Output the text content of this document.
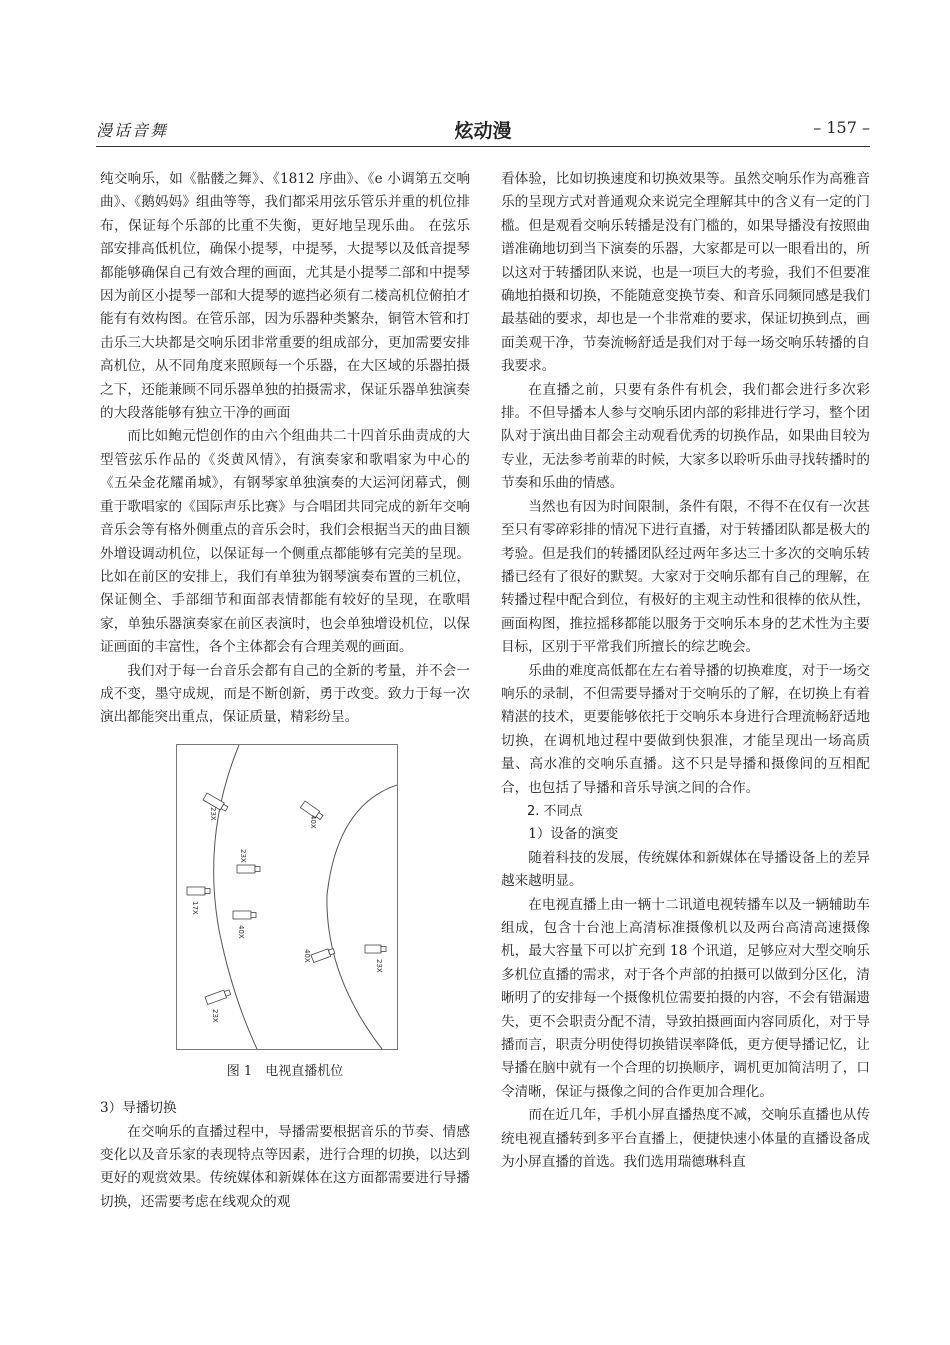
漫话音舞	炫动漫	– 157 –

纯交响乐，如《骷髅之舞》、《1812 序曲》、《e 小调第五交响曲》、《鹅妈妈》组曲等等，我们都采用弦乐管乐并重的机位排布，保证每个乐部的比重不失衡，更好地呈现乐曲。 在弦乐部安排高低机位，确保小提琴，中提琴，大提琴以及低音提琴都能够确保自己有效合理的画面，尤其是小提琴二部和中提琴因为前区小提琴一部和大提琴的遮挡必须有二楼高机位俯拍才能有有效构图。在管乐部，因为乐器种类繁杂，铜管木管和打击乐三大块都是交响乐团非常重要的组成部分，更加需要安排高机位，从不同角度来照顾每一个乐器，在大区域的乐器拍摄之下，还能兼顾不同乐器单独的拍摄需求，保证乐器单独演奏的大段落能够有独立干净的画面

而比如鲍元恺创作的由六个组曲共二十四首乐曲责成的大型管弦乐作品的《炎黄风情》，有演奏家和歌唱家为中心的《五朵金花耀甬城》，有钢琴家单独演奏的大运河闭幕式，侧重于歌唱家的《国际声乐比赛》与合唱团共同完成的新年交响音乐会等有格外侧重点的音乐会时，我们会根据当天的曲目额外增设调动机位，以保证每一个侧重点都能够有完美的呈现。比如在前区的安排上，我们有单独为钢琴演奏布置的三机位，保证侧全、手部细节和面部表情都能有较好的呈现，在歌唱家，单独乐器演奏家在前区表演时，也会单独增设机位，以保证画面的丰富性，各个主体都会有合理美观的画面。

我们对于每一台音乐会都有自己的全新的考量，并不会一成不变，墨守成规，而是不断创新，勇于改变。致力于每一次演出都能突出重点，保证质量，精彩纷呈。

23X
40X
23X
17X
40X
40X
23X
23X
图 1　电视直播机位

3）导播切换

在交响乐的直播过程中，导播需要根据音乐的节奏、情感变化以及音乐家的表现特点等因素，进行合理的切换，以达到更好的观赏效果。传统媒体和新媒体在这方面都需要进行导播切换，还需要考虑在线观众的观

看体验，比如切换速度和切换效果等。虽然交响乐作为高雅音乐的呈现方式对普通观众来说完全理解其中的含义有一定的门槛。但是观看交响乐转播是没有门槛的，如果导播没有按照曲谱准确地切到当下演奏的乐器，大家都是可以一眼看出的，所以这对于转播团队来说，也是一项巨大的考验，我们不但要准确地拍摄和切换，不能随意变换节奏、和音乐同频同感是我们最基础的要求，却也是一个非常难的要求，保证切换到点，画面美观干净，节奏流畅舒适是我们对于每一场交响乐转播的自我要求。

在直播之前，只要有条件有机会，我们都会进行多次彩排。不但导播本人参与交响乐团内部的彩排进行学习，整个团队对于演出曲目都会主动观看优秀的切换作品，如果曲目较为专业，无法参考前辈的时候，大家多以聆听乐曲寻找转播时的节奏和乐曲的情感。

当然也有因为时间限制，条件有限，不得不在仅有一次甚至只有零碎彩排的情况下进行直播，对于转播团队都是极大的考验。但是我们的转播团队经过两年多达三十多次的交响乐转播已经有了很好的默契。大家对于交响乐都有自己的理解，在转播过程中配合到位，有极好的主观主动性和很棒的依从性，画面构图，推拉摇移都能以服务于交响乐本身的艺术性为主要目标，区别于平常我们所擅长的综艺晚会。

乐曲的难度高低都在左右着导播的切换难度，对于一场交响乐的录制，不但需要导播对于交响乐的了解，在切换上有着精湛的技术，更要能够依托于交响乐本身进行合理流畅舒适地切换，在调机地过程中要做到快狠准，才能呈现出一场高质量、高水准的交响乐直播。这不只是导播和摄像间的互相配合，也包括了导播和音乐导演之间的合作。

2. 不同点

1）设备的演变

随着科技的发展，传统媒体和新媒体在导播设备上的差异越来越明显。

在电视直播上由一辆十二讯道电视转播车以及一辆辅助车组成，包含十台池上高清标准摄像机以及两台高清高速摄像机，最大容量下可以扩充到 18 个讯道，足够应对大型交响乐多机位直播的需求，对于各个声部的拍摄可以做到分区化，清晰明了的安排每一个摄像机位需要拍摄的内容，不会有错漏遗失，更不会职责分配不清，导致拍摄画面内容同质化，对于导播而言，职责分明使得切换错误率降低，更方便导播记忆，让导播在脑中就有一个合理的切换顺序，调机更加简洁明了，口令清晰，保证与摄像之间的合作更加合理化。

而在近几年，手机小屏直播热度不减，交响乐直播也从传统电视直播转到多平台直播上，便捷快速小体量的直播设备成为小屏直播的首选。我们选用瑞德琳科直
